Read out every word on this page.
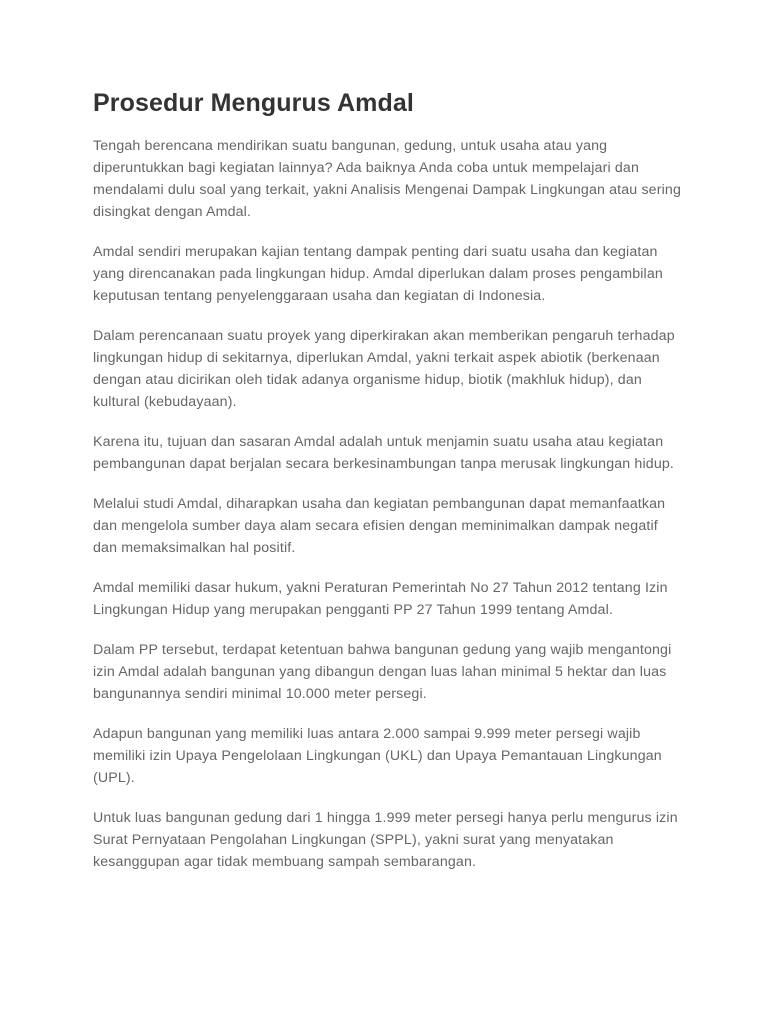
Prosedur Mengurus Amdal

Tengah berencana mendirikan suatu bangunan, gedung, untuk usaha atau yang diperuntukkan bagi kegiatan lainnya? Ada baiknya Anda coba untuk mempelajari dan mendalami dulu soal yang terkait, yakni Analisis Mengenai Dampak Lingkungan atau sering disingkat dengan Amdal.

Amdal sendiri merupakan kajian tentang dampak penting dari suatu usaha dan kegiatan yang direncanakan pada lingkungan hidup. Amdal diperlukan dalam proses pengambilan keputusan tentang penyelenggaraan usaha dan kegiatan di Indonesia.

Dalam perencanaan suatu proyek yang diperkirakan akan memberikan pengaruh terhadap lingkungan hidup di sekitarnya, diperlukan Amdal, yakni terkait aspek abiotik (berkenaan dengan atau dicirikan oleh tidak adanya organisme hidup, biotik (makhluk hidup), dan kultural (kebudayaan).

Karena itu, tujuan dan sasaran Amdal adalah untuk menjamin suatu usaha atau kegiatan pembangunan dapat berjalan secara berkesinambungan tanpa merusak lingkungan hidup.

Melalui studi Amdal, diharapkan usaha dan kegiatan pembangunan dapat memanfaatkan dan mengelola sumber daya alam secara efisien dengan meminimalkan dampak negatif dan memaksimalkan hal positif.

Amdal memiliki dasar hukum, yakni Peraturan Pemerintah No 27 Tahun 2012 tentang Izin Lingkungan Hidup yang merupakan pengganti PP 27 Tahun 1999 tentang Amdal.

Dalam PP tersebut, terdapat ketentuan bahwa bangunan gedung yang wajib mengantongi izin Amdal adalah bangunan yang dibangun dengan luas lahan minimal 5 hektar dan luas bangunannya sendiri minimal 10.000 meter persegi.

Adapun bangunan yang memiliki luas antara 2.000 sampai 9.999 meter persegi wajib memiliki izin Upaya Pengelolaan Lingkungan (UKL) dan Upaya Pemantauan Lingkungan (UPL).

Untuk luas bangunan gedung dari 1 hingga 1.999 meter persegi hanya perlu mengurus izin Surat Pernyataan Pengolahan Lingkungan (SPPL), yakni surat yang menyatakan kesanggupan agar tidak membuang sampah sembarangan.
